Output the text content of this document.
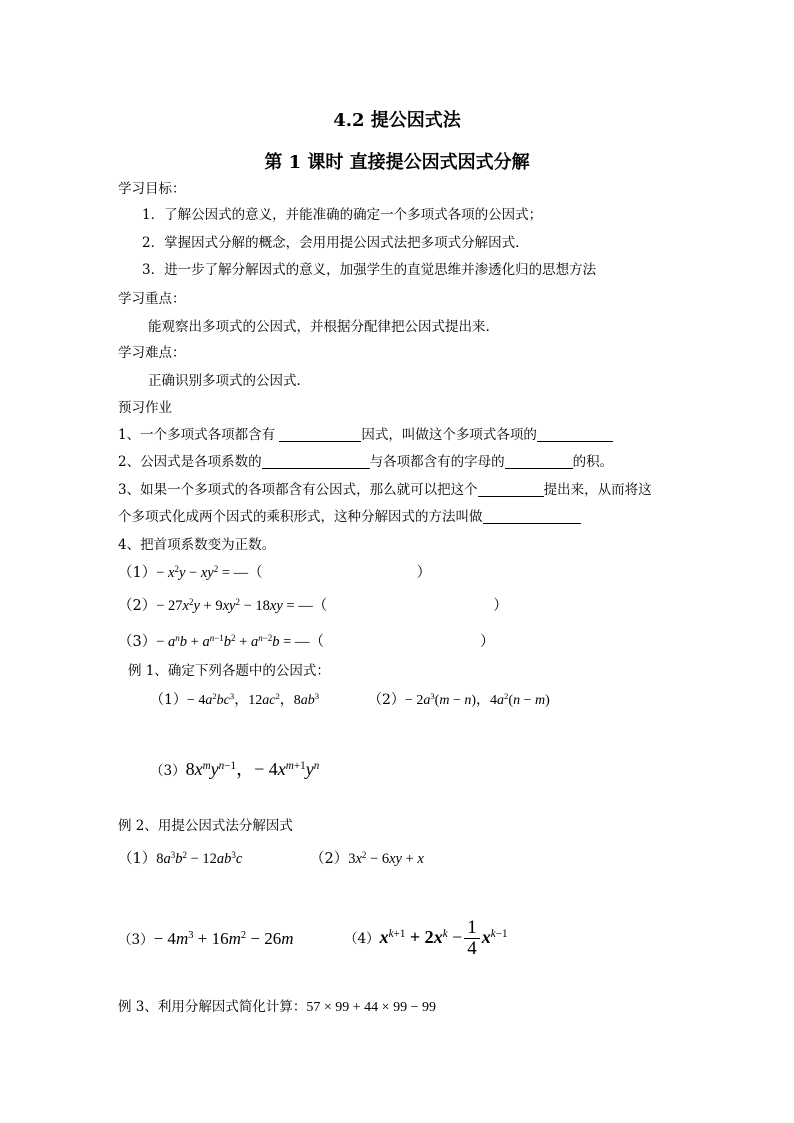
4.2 提公因式法
第 1 课时 直接提公因式因式分解
学习目标：
1．了解公因式的意义，并能准确的确定一个多项式各项的公因式；
2．掌握因式分解的概念，会用用提公因式法把多项式分解因式.
3．进一步了解分解因式的意义，加强学生的直觉思维并渗透化归的思想方法
学习重点：
能观察出多项式的公因式，并根据分配律把公因式提出来.
学习难点：
正确识别多项式的公因式.
预习作业
1、一个多项式各项都含有	因式，叫做这个多项式各项的
2、公因式是各项系数的	与各项都含有的字母的	的积。
3、如果一个多项式的各项都含有公因式，那么就可以把这个	提出来，从而将这
个多项式化成两个因式的乘积形式，这种分解因式的方法叫做
4、把首项系数变为正数。
$(1)- x^2y - xy^2$ = —（	）
$(2)- 27x^2y + 9xy^2 - 18xy$ = —（	）
$(3)- a^nb + a^{n-1}b^2 + a^{n-2}b$ = —（	）
例 1、确定下列各题中的公因式：
$(1)- 4a^2bc^3$，$12ac^2$，$8ab^3$	$(2)- 2a^3(m - n)$，$4a^2(n - m)$
$(3)8x^my^{n-1}$，− $4x^{m+1}y^n$
例 2、用提公因式法分解因式
$(1)8a^3b^2 - 12ab^3c$	$(2)3x^2 - 6xy + x$
$(3)- 4m^3 + 16m^2 - 26m$	$(4)x^{k+1} + 2x^k - \frac{1}{4} x^{k-1}$
例 3、利用分解因式简化计算：57 × 99 + 44 × 99 − 99
